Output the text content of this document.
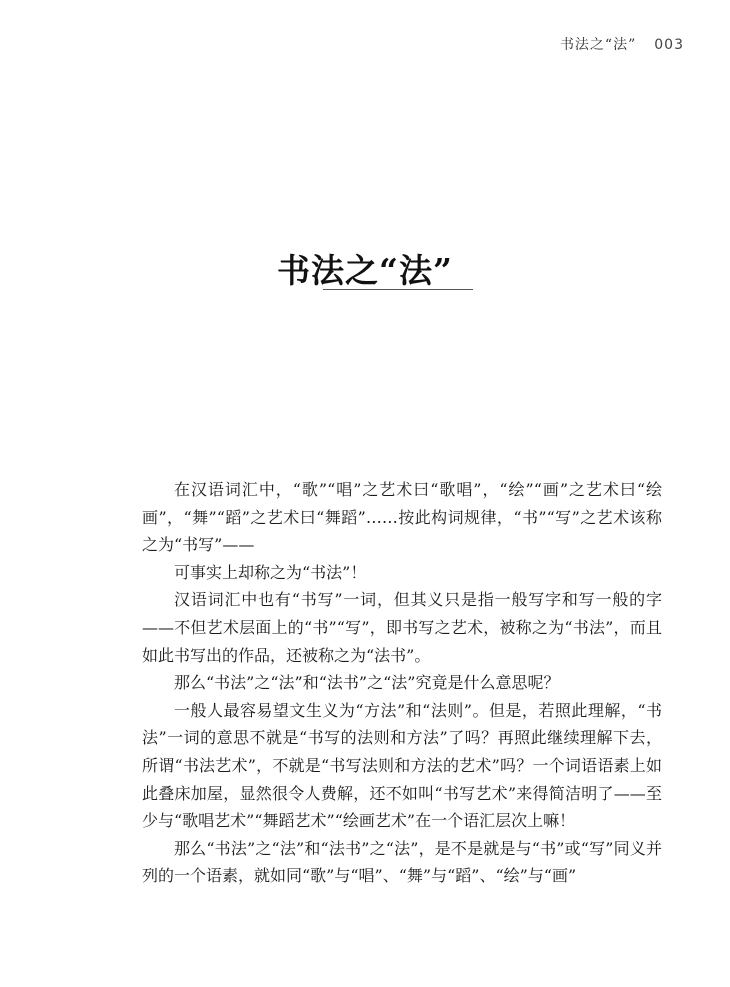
书法之“法” 003
书法之“法”

在汉语词汇中，“歌”“唱”之艺术曰“歌唱”，“绘”“画”之艺术曰“绘画”，“舞”“蹈”之艺术曰“舞蹈”……按此构词规律，“书”“写”之艺术该称之为“书写”——

可事实上却称之为“书法”！

汉语词汇中也有“书写”一词，但其义只是指一般写字和写一般的字——不但艺术层面上的“书”“写”，即书写之艺术，被称之为“书法”，而且如此书写出的作品，还被称之为“法书”。

那么“书法”之“法”和“法书”之“法”究竟是什么意思呢？

一般人最容易望文生义为“方法”和“法则”。但是，若照此理解，“书法”一词的意思不就是“书写的法则和方法”了吗？再照此继续理解下去，所谓“书法艺术”，不就是“书写法则和方法的艺术”吗？一个词语语素上如此叠床加屋，显然很令人费解，还不如叫“书写艺术”来得简洁明了——至少与“歌唱艺术”“舞蹈艺术”“绘画艺术”在一个语汇层次上嘛！

那么“书法”之“法”和“法书”之“法”，是不是就是与“书”或“写”同义并列的一个语素，就如同“歌”与“唱”、“舞”与“蹈”、“绘”与“画”
